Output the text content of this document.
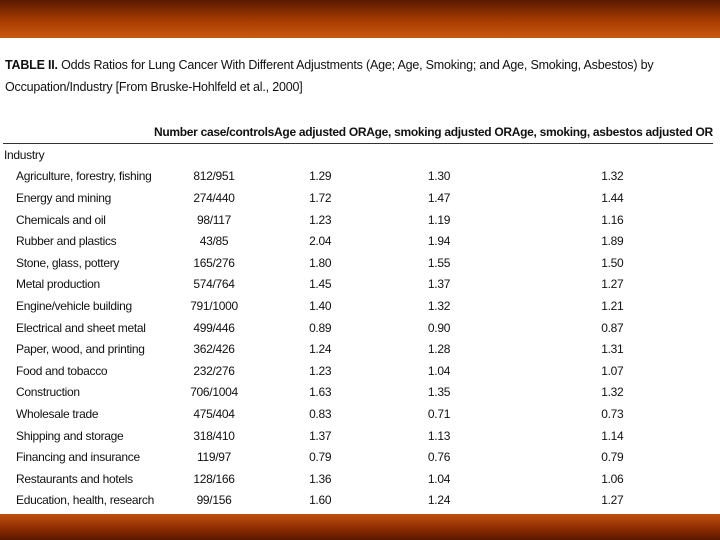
TABLE II. Odds Ratios for Lung Cancer With Different Adjustments (Age; Age, Smoking; and Age, Smoking, Asbestos) by Occupation/Industry [From Bruske-Hohlfeld et al., 2000]
	Number case/controls	Age adjusted OR	Age, smoking adjusted OR	Age, smoking, asbestos adjusted OR
Industry				
Agriculture, forestry, fishing	812/951	1.29	1.30	1.32
Energy and mining	274/440	1.72	1.47	1.44
Chemicals and oil	98/117	1.23	1.19	1.16
Rubber and plastics	43/85	2.04	1.94	1.89
Stone, glass, pottery	165/276	1.80	1.55	1.50
Metal production	574/764	1.45	1.37	1.27
Engine/vehicle building	791/1000	1.40	1.32	1.21
Electrical and sheet metal	499/446	0.89	0.90	0.87
Paper, wood, and printing	362/426	1.24	1.28	1.31
Food and tobacco	232/276	1.23	1.04	1.07
Construction	706/1004	1.63	1.35	1.32
Wholesale trade	475/404	0.83	0.71	0.73
Shipping and storage	318/410	1.37	1.13	1.14
Financing and insurance	119/97	0.79	0.76	0.79
Restaurants and hotels	128/166	1.36	1.04	1.06
Education, health, research	99/156	1.60	1.24	1.27
